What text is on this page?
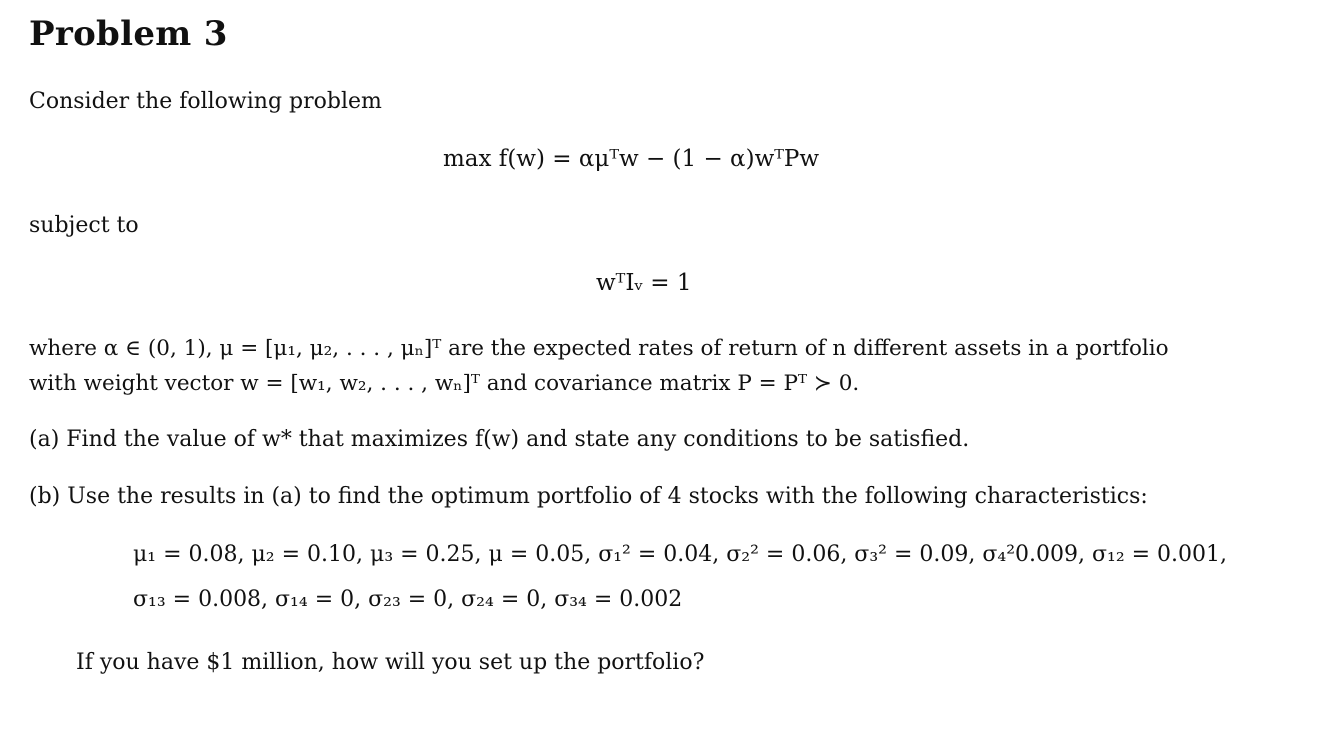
Problem 3
Consider the following problem
max f(w) = αμᵀw − (1 − α)wᵀPw
subject to
wᵀIᵥ = 1
where α ∈ (0, 1), μ = [μ₁, μ₂, . . . , μₙ]ᵀ are the expected rates of return of n different assets in a portfolio
with weight vector w = [w₁, w₂, . . . , wₙ]ᵀ and covariance matrix P = Pᵀ ≻ 0.
(a) Find the value of w* that maximizes f(w) and state any conditions to be satisfied.
(b) Use the results in (a) to find the optimum portfolio of 4 stocks with the following characteristics:
μ₁ = 0.08, μ₂ = 0.10, μ₃ = 0.25, μ = 0.05, σ₁² = 0.04, σ₂² = 0.06, σ₃² = 0.09, σ₄²0.009, σ₁₂ = 0.001,
σ₁₃ = 0.008, σ₁₄ = 0, σ₂₃ = 0, σ₂₄ = 0, σ₃₄ = 0.002
If you have $1 million, how will you set up the portfolio?
